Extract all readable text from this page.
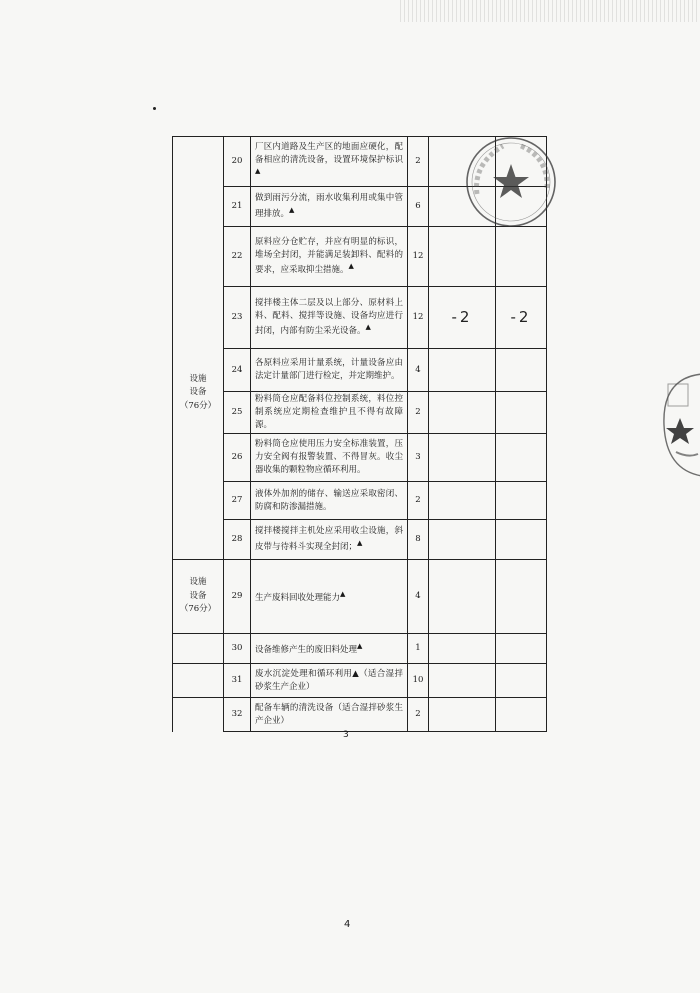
设施
设备
（76分）	20	厂区内道路及生产区的地面应硬化，配备相应的清洗设备，设置环境保护标识▲	2		
	21	做到雨污分流，雨水收集利用或集中管理排放。▲	6		
	22	原料应分仓贮存，并应有明显的标识，堆场全封闭，并能满足装卸料、配料的要求，应采取抑尘措施。▲	12		
	23	搅拌楼主体二层及以上部分、原材料上料、配料、搅拌等设施、设备均应进行封闭，内部有防尘采光设备。▲	12	-2	-2
	24	各原料应采用计量系统，计量设备应由法定计量部门进行检定，并定期维护。	4		
	25	粉料筒仓应配备料位控制系统，料位控制系统应定期检查维护且不得有故障源。	2		
	26	粉料筒仓应使用压力安全标准装置，压力安全阀有报警装置、不得冒灰。收尘器收集的颗粒物应循环利用。	3		
	27	液体外加剂的储存、输送应采取密闭、防腐和防渗漏措施。	2		
	28	搅拌楼搅拌主机处应采用收尘设施，斜皮带与待料斗实现全封闭；▲	8		

设施
设备
（76分）	29	生产废料回收处理能力▲	4		
	30	设备维修产生的废旧料处理▲	1		
	31	废水沉淀处理和循环利用▲（适合湿拌砂浆生产企业）	10		
	32	配备车辆的清洗设备（适合湿拌砂浆生产企业）	2		
3
4
